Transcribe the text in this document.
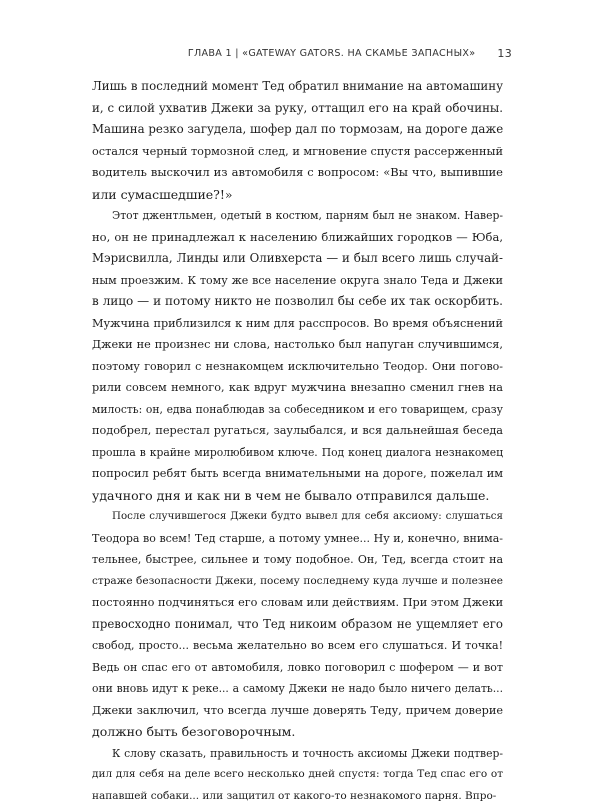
ГЛАВА 1 | «GATEWAY GATORS. НА СКАМЬЕ ЗАПАСНЫХ» 13
Лишь в последний момент Тед обратил внимание на автомашину
и, с силой ухватив Джеки за руку, оттащил его на край обочины.
Машина резко загудела, шофер дал по тормозам, на дороге даже
остался черный тормозной след, и мгновение спустя рассерженный
водитель выскочил из автомобиля с вопросом: «Вы что, выпившие
или сумасшедшие?!»
Этот джентльмен, одетый в костюм, парням был не знаком. Навер-
но, он не принадлежал к населению ближайших городков — Юба,
Мэрисвилла, Линды или Оливхерста — и был всего лишь случай-
ным проезжим. К тому же все население округа знало Теда и Джеки
в лицо — и потому никто не позволил бы себе их так оскорбить.
Мужчина приблизился к ним для расспросов. Во время объяснений
Джеки не произнес ни слова, настолько был напуган случившимся,
поэтому говорил с незнакомцем исключительно Теодор. Они погово-
рили совсем немного, как вдруг мужчина внезапно сменил гнев на
милость: он, едва понаблюдав за собеседником и его товарищем, сразу
подобрел, перестал ругаться, заулыбался, и вся дальнейшая беседа
прошла в крайне миролюбивом ключе. Под конец диалога незнакомец
попросил ребят быть всегда внимательными на дороге, пожелал им
удачного дня и как ни в чем не бывало отправился дальше.
После случившегося Джеки будто вывел для себя аксиому: слушаться
Теодора во всем! Тед старше, а потому умнее... Ну и, конечно, внима-
тельнее, быстрее, сильнее и тому подобное. Он, Тед, всегда стоит на
страже безопасности Джеки, посему последнему куда лучше и полезнее
постоянно подчиняться его словам или действиям. При этом Джеки
превосходно понимал, что Тед никоим образом не ущемляет его
свобод, просто... весьма желательно во всем его слушаться. И точка!
Ведь он спас его от автомобиля, ловко поговорил с шофером — и вот
они вновь идут к реке... а самому Джеки не надо было ничего делать...
Джеки заключил, что всегда лучше доверять Теду, причем доверие
должно быть безоговорочным.
К слову сказать, правильность и точность аксиомы Джеки подтвер-
дил для себя на деле всего несколько дней спустя: тогда Тед спас его от
напавшей собаки... или защитил от какого-то незнакомого парня. Впро-
